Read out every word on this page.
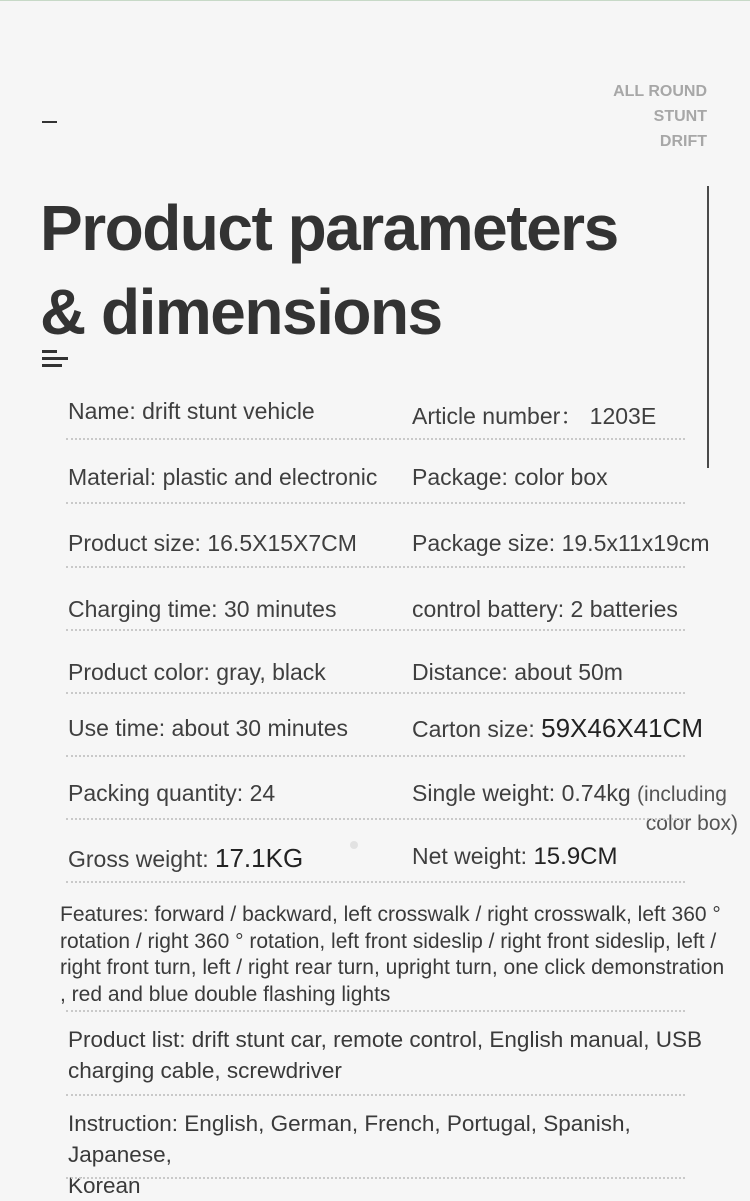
ALL ROUND
STUNT
DRIFT
Product parameters
& dimensions
Name: drift stunt vehicle	Article number： 1203E
Material: plastic and electronic Package: color box
Product size: 16.5X15X7CM Package size: 19.5x11x19cm
Charging time: 30 minutes	control battery: 2 batteries
Product color: gray, black	Distance: about 50m
Use time: about 30 minutes	Carton size: 59X46X41CM
Packing quantity: 24	Single weight: 0.74kg (including
color box)
Gross weight: 17.1KG	Net weight: 15.9CM
Features: forward / backward, left crosswalk / right crosswalk, left 360 °
rotation / right 360 ° rotation, left front sideslip / right front sideslip, left /
right front turn, left / right rear turn, upright turn, one click demonstration
, red and blue double flashing lights
Product list: drift stunt car, remote control, English manual, USB
charging cable, screwdriver
Instruction: English, German, French, Portugal, Spanish, Japanese,
Korean
